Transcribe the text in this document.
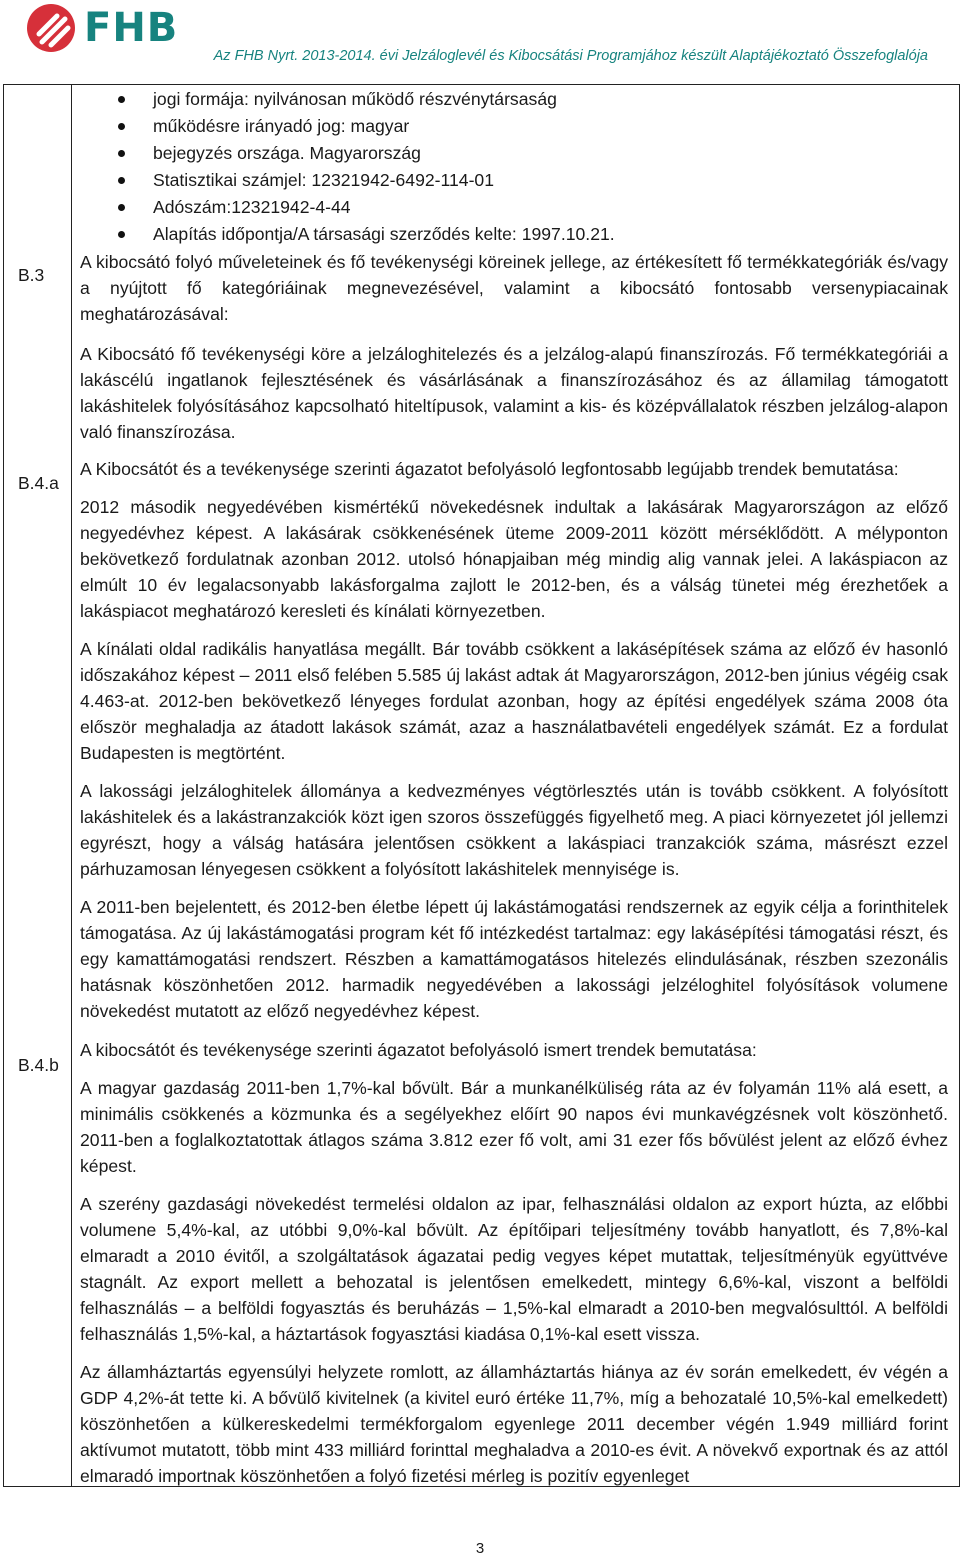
FHB
Az FHB Nyrt. 2013-2014. évi Jelzáloglevél és Kibocsátási Programjához készült Alaptájékoztató Összefoglalója
B.3
B.4.a
B.4.b
jogi formája: nyilvánosan működő részvénytársaság
működésre irányadó jog: magyar
bejegyzés országa. Magyarország
Statisztikai számjel: 12321942-6492-114-01
Adószám:12321942-4-44
Alapítás időpontja/A társasági szerződés kelte: 1997.10.21.

A kibocsátó folyó műveleteinek és fő tevékenységi köreinek jellege, az értékesített fő termékkategóriák és/vagy a nyújtott fő kategóriáinak megnevezésével, valamint a kibocsátó fontosabb versenypiacainak meghatározásával:

A Kibocsátó fő tevékenységi köre a jelzáloghitelezés és a jelzálog-alapú finanszírozás. Fő termékkategóriái a lakáscélú ingatlanok fejlesztésének és vásárlásának a finanszírozásához és az államilag támogatott lakáshitelek folyósításához kapcsolható hiteltípusok, valamint a kis- és középvállalatok részben jelzálog-alapon való finanszírozása.

A Kibocsátót és a tevékenysége szerinti ágazatot befolyásoló legfontosabb legújabb trendek bemutatása:

2012 második negyedévében kismértékű növekedésnek indultak a lakásárak Magyarországon az előző negyedévhez képest. A lakásárak csökkenésének üteme 2009-2011 között mérséklődött. A mélyponton bekövetkező fordulatnak azonban 2012. utolsó hónapjaiban még mindig alig vannak jelei. A lakáspiacon az elmúlt 10 év legalacsonyabb lakásforgalma zajlott le 2012-ben, és a válság tünetei még érezhetőek a lakáspiacot meghatározó keresleti és kínálati környezetben.

A kínálati oldal radikális hanyatlása megállt. Bár tovább csökkent a lakásépítések száma az előző év hasonló időszakához képest – 2011 első felében 5.585 új lakást adtak át Magyarországon, 2012-ben június végéig csak 4.463-at. 2012-ben bekövetkező lényeges fordulat azonban, hogy az építési engedélyek száma 2008 óta először meghaladja az átadott lakások számát, azaz a használatbavételi engedélyek számát. Ez a fordulat Budapesten is megtörtént.

A lakossági jelzáloghitelek állománya a kedvezményes végtörlesztés után is tovább csökkent. A folyósított lakáshitelek és a lakástranzakciók közt igen szoros összefüggés figyelhető meg. A piaci környezetet jól jellemzi egyrészt, hogy a válság hatására jelentősen csökkent a lakáspiaci tranzakciók száma, másrészt ezzel párhuzamosan lényegesen csökkent a folyósított lakáshitelek mennyisége is.

A 2011-ben bejelentett, és 2012-ben életbe lépett új lakástámogatási rendszernek az egyik célja a forinthitelek támogatása. Az új lakástámogatási program két fő intézkedést tartalmaz: egy lakásépítési támogatási részt, és egy kamattámogatási rendszert. Részben a kamattámogatásos hitelezés elindulásának, részben szezonális hatásnak köszönhetően 2012. harmadik negyedévében a lakossági jelzéloghitel folyósítások volumene növekedést mutatott az előző negyedévhez képest.

A kibocsátót és tevékenysége szerinti ágazatot befolyásoló ismert trendek bemutatása:

A magyar gazdaság 2011-ben 1,7%-kal bővült. Bár a munkanélküliség ráta az év folyamán 11% alá esett, a minimális csökkenés a közmunka és a segélyekhez előírt 90 napos évi munkavégzésnek volt köszönhető. 2011-ben a foglalkoztatottak átlagos száma 3.812 ezer fő volt, ami 31 ezer fős bővülést jelent az előző évhez képest.

A szerény gazdasági növekedést termelési oldalon az ipar, felhasználási oldalon az export húzta, az előbbi volumene 5,4%-kal, az utóbbi 9,0%-kal bővült. Az építőipari teljesítmény tovább hanyatlott, és 7,8%-kal elmaradt a 2010 évitől, a szolgáltatások ágazatai pedig vegyes képet mutattak, teljesítményük együttvéve stagnált. Az export mellett a behozatal is jelentősen emelkedett, mintegy 6,6%-kal, viszont a belföldi felhasználás – a belföldi fogyasztás és beruházás – 1,5%-kal elmaradt a 2010-ben megvalósulttól. A belföldi felhasználás 1,5%-kal, a háztartások fogyasztási kiadása 0,1%-kal esett vissza.

Az államháztartás egyensúlyi helyzete romlott, az államháztartás hiánya az év során emelkedett, év végén a GDP 4,2%-át tette ki. A bővülő kivitelnek (a kivitel euró értéke 11,7%, míg a behozatalé 10,5%-kal emelkedett) köszönhetően a külkereskedelmi termékforgalom egyenlege 2011 december végén 1.949 milliárd forint aktívumot mutatott, több mint 433 milliárd forinttal meghaladva a 2010-es évit. A növekvő exportnak és az attól elmaradó importnak köszönhetően a folyó fizetési mérleg is pozitív egyenleget

3
